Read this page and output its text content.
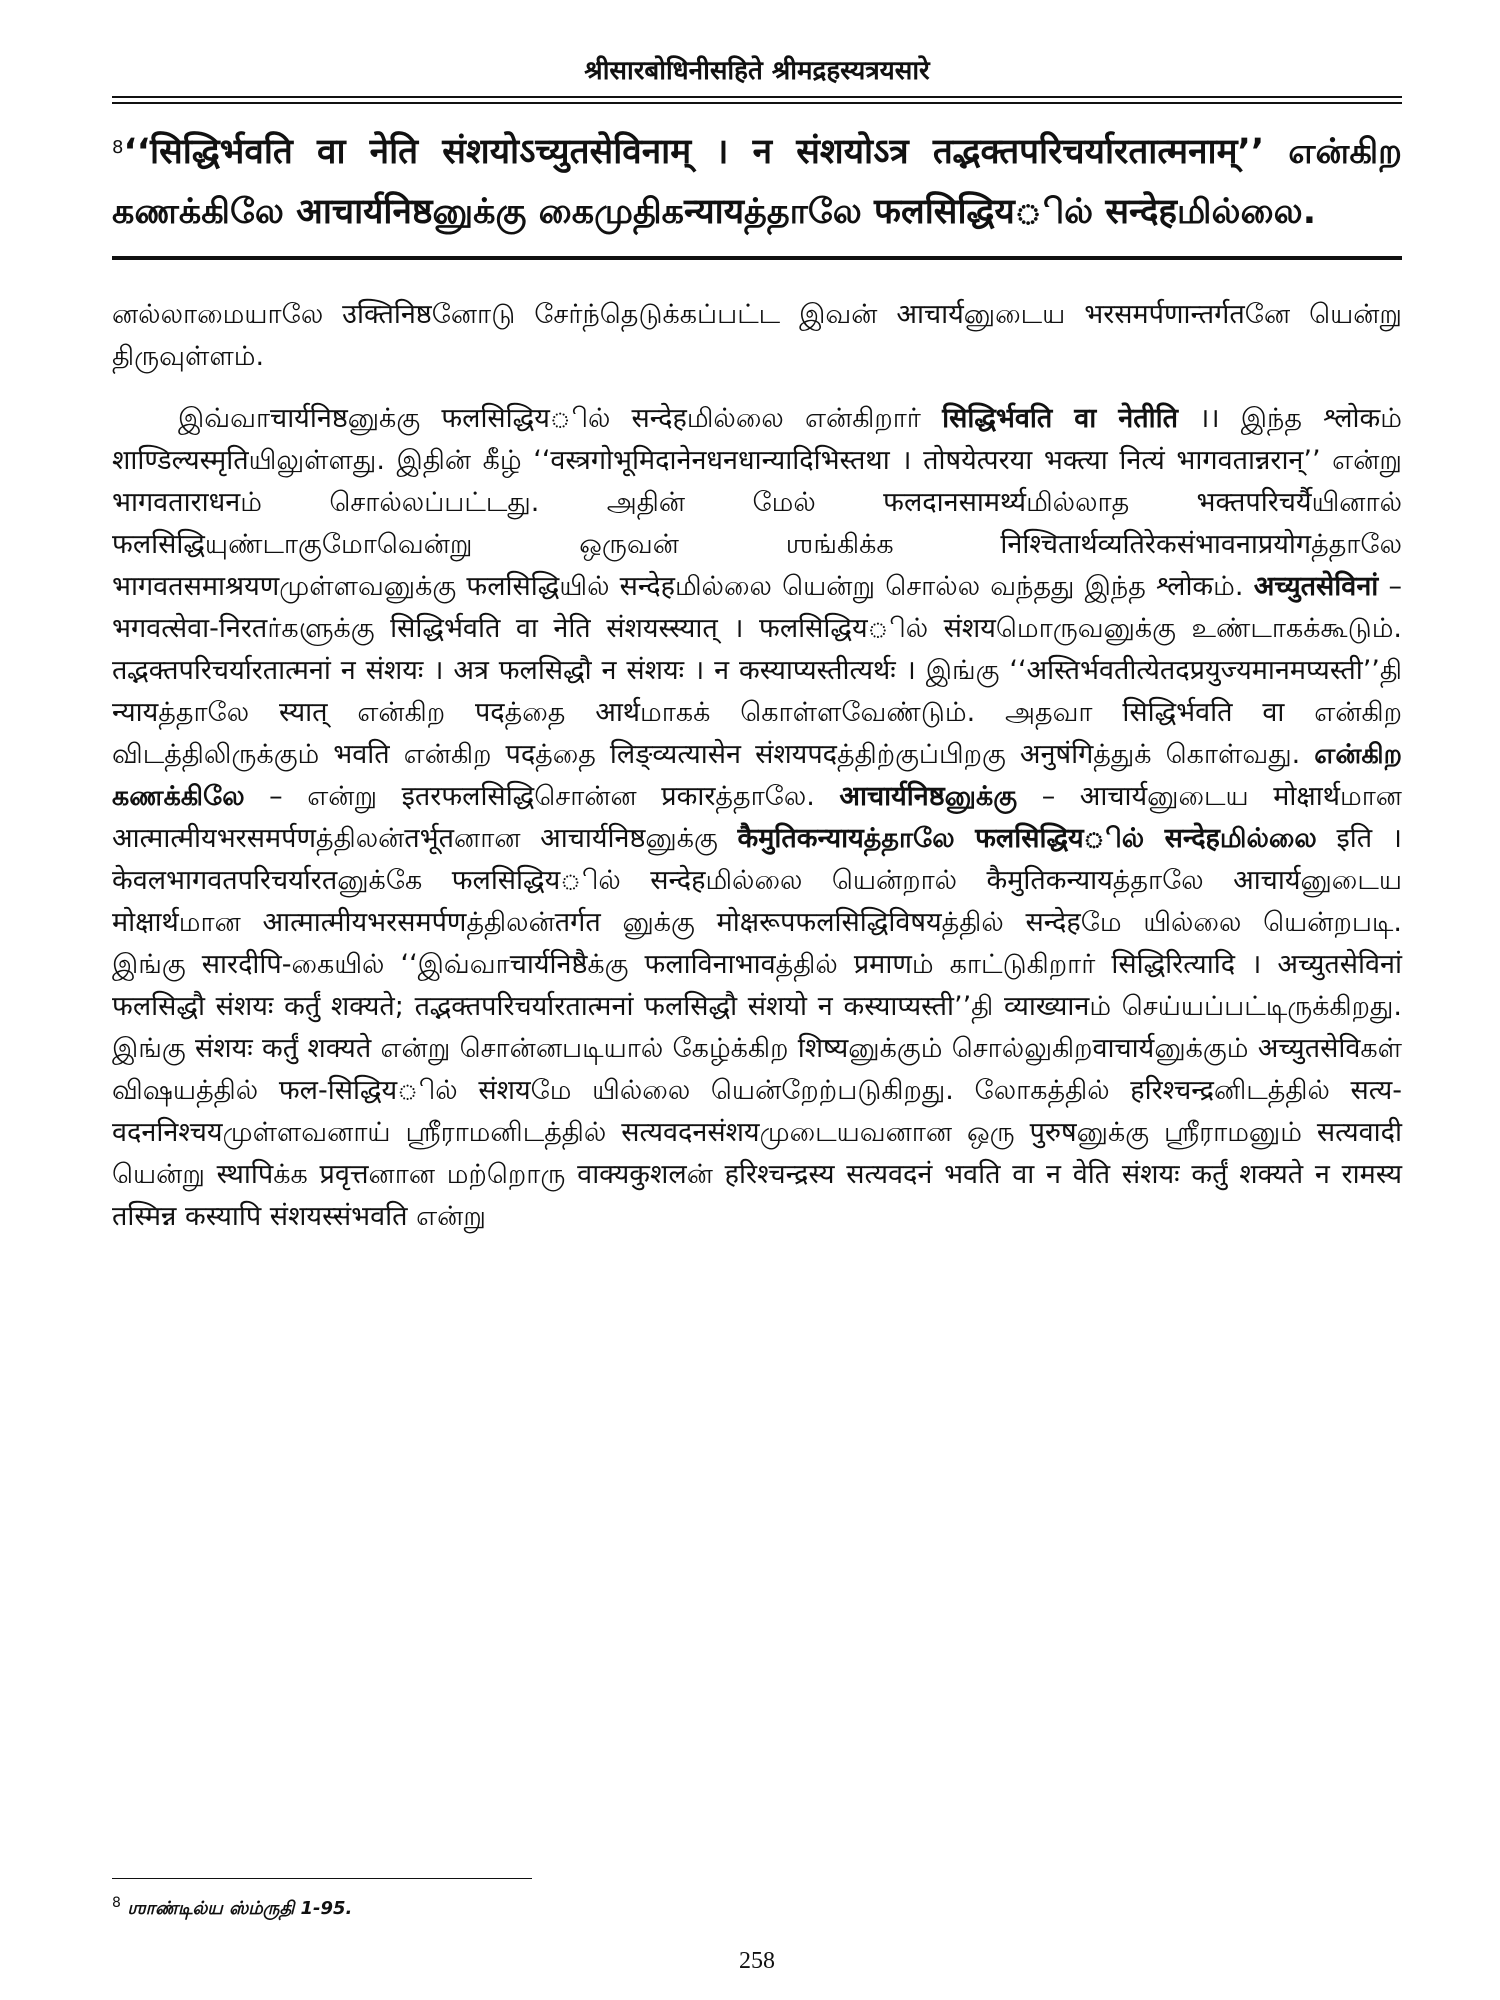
श्रीसारबोधिनीसहिते श्रीमद्रहस्यत्रयसारे
$^8$‘‘सिद्धिर्भवति वा नेति संशयोऽच्युतसेविनाम् । न संशयोऽत्र तद्भक्तपरिचर्यारतात्मनाम्’’ என்கிற கணக்கிலே आचार्यनिष्ठனுக்கு கைமுதிகन्यायத்தாலே फलसिद्धियில் सन्देहமில்லை.

னல்லாமையாலே उक्तिनिष्ठனோடு சேர்ந்தெடுக்கப்பட்ட இவன் आचार्यனுடைய भरसमर्पणान्तर्गतனே யென்று திருவுள்ளம்.

இவ்வாचार्यनिष्ठனுக்கு फलसिद्धियில் सन्देहமில்லை என்கிறார் सिद्धिर्भवति वा नेतीति ।। இந்த श्लोकம் शाण्डिल्यस्मृतिயிலுள்ளது. இதின் கீழ் ‘‘वस्त्रगोभूमिदानेनधनधान्यादिभिस्तथा । तोषयेत्परया भक्त्या नित्यं भागवतान्नरान्’’ என்று भागवताराधनம் சொல்லப்பட்டது. அதின் மேல் फलदानसामर्थ्यமில்லாத भक्तपरिचर्यैயினால் फलसिद्धिயுண்டாகுமோவென்று ஒருவன் ஶங்கிக்க निश्चितार्थव्यतिरेकसंभावनाप्रयोगத்தாலே भागवतसमाश्रयणமுள்ளவனுக்கு फलसिद्धिயில் सन्देहமில்லை யென்று சொல்ல வந்தது இந்த श्लोकம். अच्युतसेविनां – भगवत्सेवा-निरतர்களுக்கு सिद्धिर्भवति वा नेति संशयस्स्यात् । फलसिद्धियில் संशयமொருவனுக்கு உண்டாகக்கூடும். तद्भक्तपरिचर्यारतात्मनां न संशयः । अत्र फलसिद्धौ न संशयः । न कस्याप्यस्तीत्यर्थः । இங்கு ‘‘अस्तिर्भवतीत्येतदप्रयुज्यमानमप्यस्ती’’தி न्यायத்தாலே स्यात् என்கிற पदத்தை आर्थமாகக் கொள்ளவேண்டும். அதவா सिद्धिर्भवति वा என்கிற விடத்திலிருக்கும் भवति என்கிற पदத்தை लिङ्व्यत्यासेन संशयपदத்திற்குப்பிறகு अनुषंगिத்துக் கொள்வது. என்கிற கணக்கிலே – என்று इतरफलसिद्धिசொன்ன प्रकारத்தாலே. आचार्यनिष्ठனுக்கு – आचार्यனுடைய मोक्षार्थமான आत्मात्मीयभरसमर्पणத்திலன்तर्भूतனான आचार्यनिष्ठனுக்கு कैमुतिकन्यायத்தாலே फलसिद्धियில் सन्देहமில்லை इति । केवलभागवतपरिचर्यारतனுக்கே फलसिद्धियில் सन्देहமில்லை யென்றால் कैमुतिकन्यायத்தாலே आचार्यனுடைய मोक्षार्थமான आत्मात्मीयभरसमर्पणத்திலன்तर्गत னுக்கு मोक्षरूपफलसिद्धिविषयத்தில் सन्देहமே யில்லை யென்றபடி. இங்கு सारदीपि-கையில் ‘‘இவ்வாचार्यनिष्ठैக்கு फलाविनाभावத்தில் प्रमाणம் காட்டுகிறார் सिद्धिरित्यादि । अच्युतसेविनां फलसिद्धौ संशयः कर्तुं शक्यते; तद्भक्तपरिचर्यारतात्मनां फलसिद्धौ संशयो न कस्याप्यस्ती’’தி व्याख्यानம் செய்யப்பட்டிருக்கிறது. இங்கு संशयः कर्तुं शक्यते என்று சொன்னபடியால் கேழ்க்கிற शिष्यனுக்கும் சொல்லுகிறवाचार्यனுக்கும் अच्युतसेविகள் விஷயத்தில் फल-सिद्धियில் संशयமே யில்லை யென்றேற்படுகிறது. லோகத்தில் हरिश्चन्द्रனிடத்தில் सत्य-वदननिश्चयமுள்ளவனாய் ஸ்ரீராமனிடத்தில் सत्यवदनसंशयமுடையவனான ஒரு पुरुषனுக்கு ஸ்ரீராமனும் सत्यवादी யென்று स्थापिக்க प्रवृत्तனான மற்றொரு वाक्यकुशलன் हरिश्चन्द्रस्य सत्यवदनं भवति वा न वेति संशयः कर्तुं शक्यते न रामस्य तस्मिन्न कस्यापि संशयस्संभवति என்று

$^8$ ஶாண்டில்ய ஸ்ம்ருதி 1-95.
258
